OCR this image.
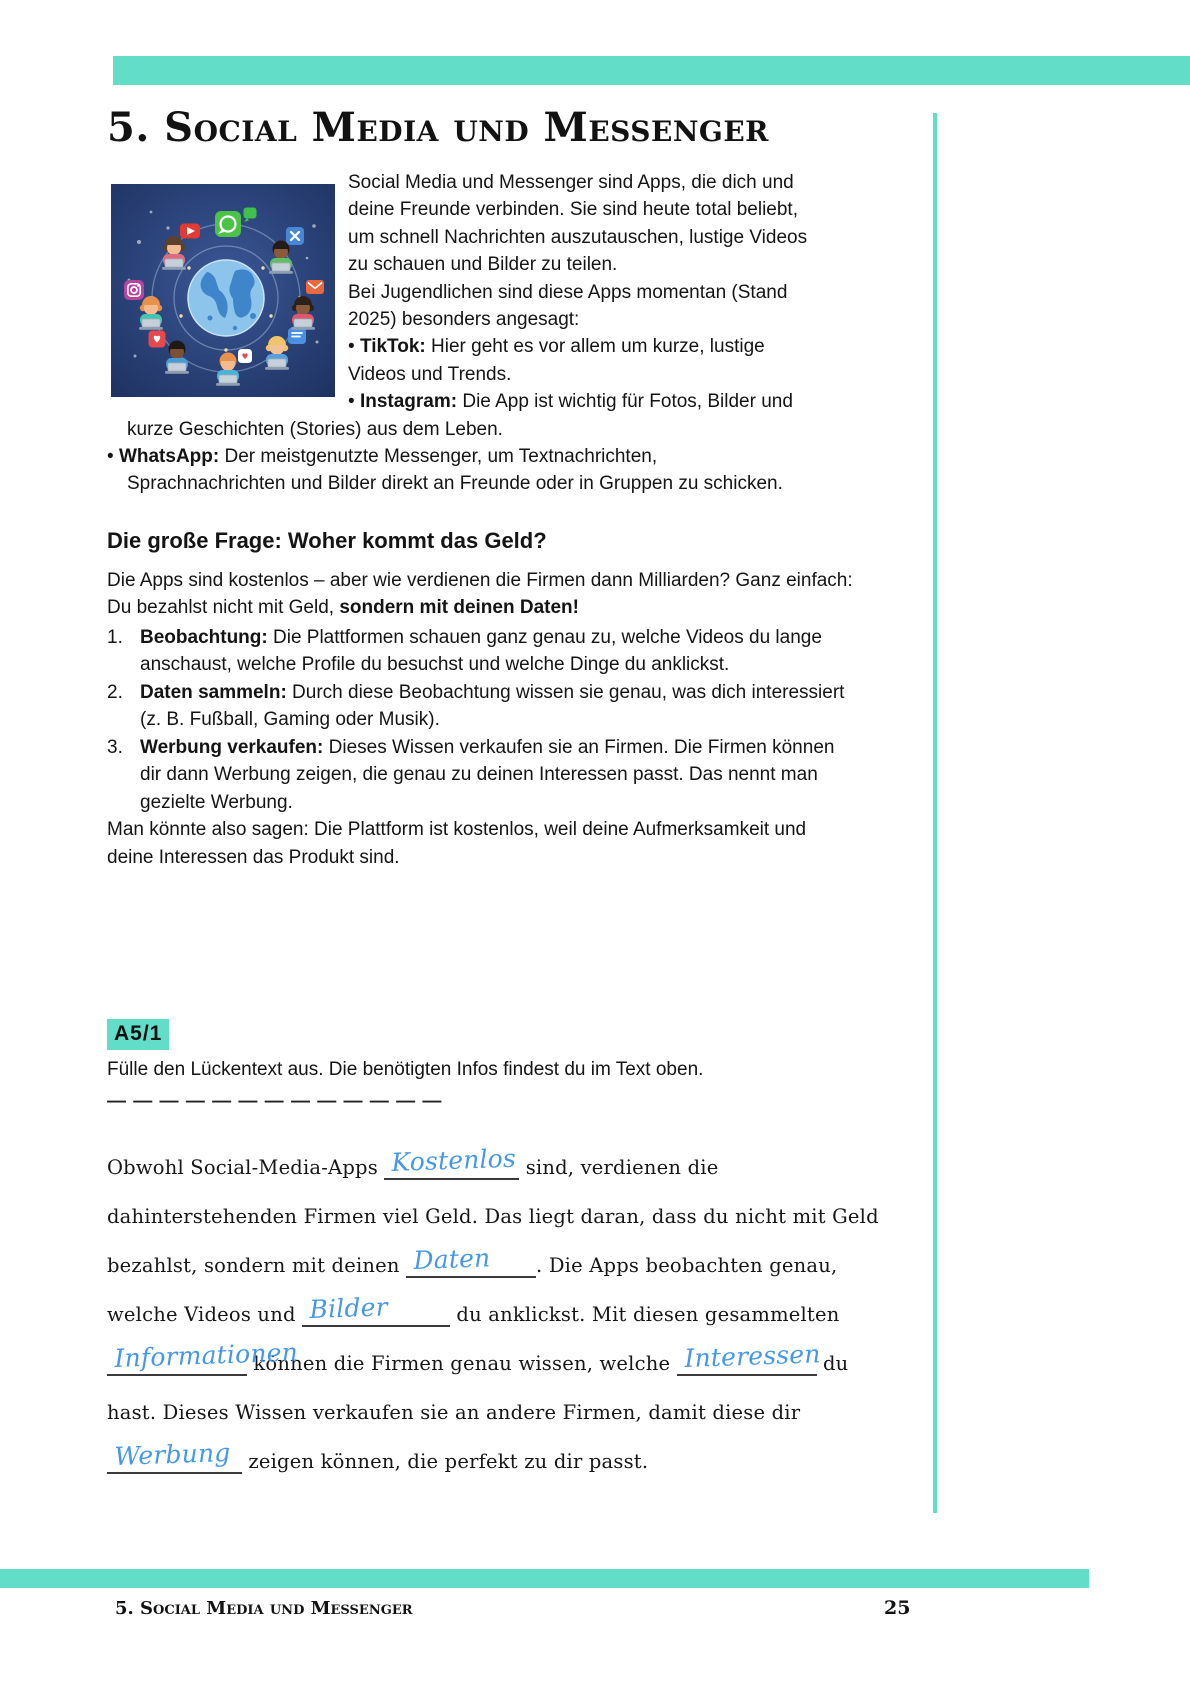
5. Social Media und Messenger
Social Media und Messenger sind Apps, die dich und
deine Freunde verbinden. Sie sind heute total beliebt,
um schnell Nachrichten auszutauschen, lustige Videos
zu schauen und Bilder zu teilen.
Bei Jugendlichen sind diese Apps momentan (Stand
2025) besonders angesagt:
• TikTok: Hier geht es vor allem um kurze, lustige
Videos und Trends.
• Instagram: Die App ist wichtig für Fotos, Bilder und
kurze Geschichten (Stories) aus dem Leben.
• WhatsApp: Der meistgenutzte Messenger, um Textnachrichten,
Sprachnachrichten und Bilder direkt an Freunde oder in Gruppen zu schicken.
Die große Frage: Woher kommt das Geld?
Die Apps sind kostenlos – aber wie verdienen die Firmen dann Milliarden? Ganz einfach: Du bezahlst nicht mit Geld, sondern mit deinen Daten!
1. Beobachtung: Die Plattformen schauen ganz genau zu, welche Videos du lange anschaust, welche Profile du besuchst und welche Dinge du anklickst.
2. Daten sammeln: Durch diese Beobachtung wissen sie genau, was dich interessiert (z. B. Fußball, Gaming oder Musik).
3. Werbung verkaufen: Dieses Wissen verkaufen sie an Firmen. Die Firmen können dir dann Werbung zeigen, die genau zu deinen Interessen passt. Das nennt man gezielte Werbung.
Man könnte also sagen: Die Plattform ist kostenlos, weil deine Aufmerksamkeit und deine Interessen das Produkt sind.
A5/1
Fülle den Lückentext aus. Die benötigten Infos findest du im Text oben.
— — — — — — — — — — — — —
Obwohl Social-Media-Apps Kostenlos sind, verdienen die
dahinterstehenden Firmen viel Geld. Das liegt daran, dass du nicht mit Geld
bezahlst, sondern mit deinen Daten . Die Apps beobachten genau,
welche Videos und Bilder	du anklickst. Mit diesen gesammelten
Informationen
können die Firmen genau wissen, welche Interessen
du
hast. Dieses Wissen verkaufen sie an andere Firmen, damit diese dir
Werbung zeigen können, die perfekt zu dir passt.
5. Social Media und Messenger	25
